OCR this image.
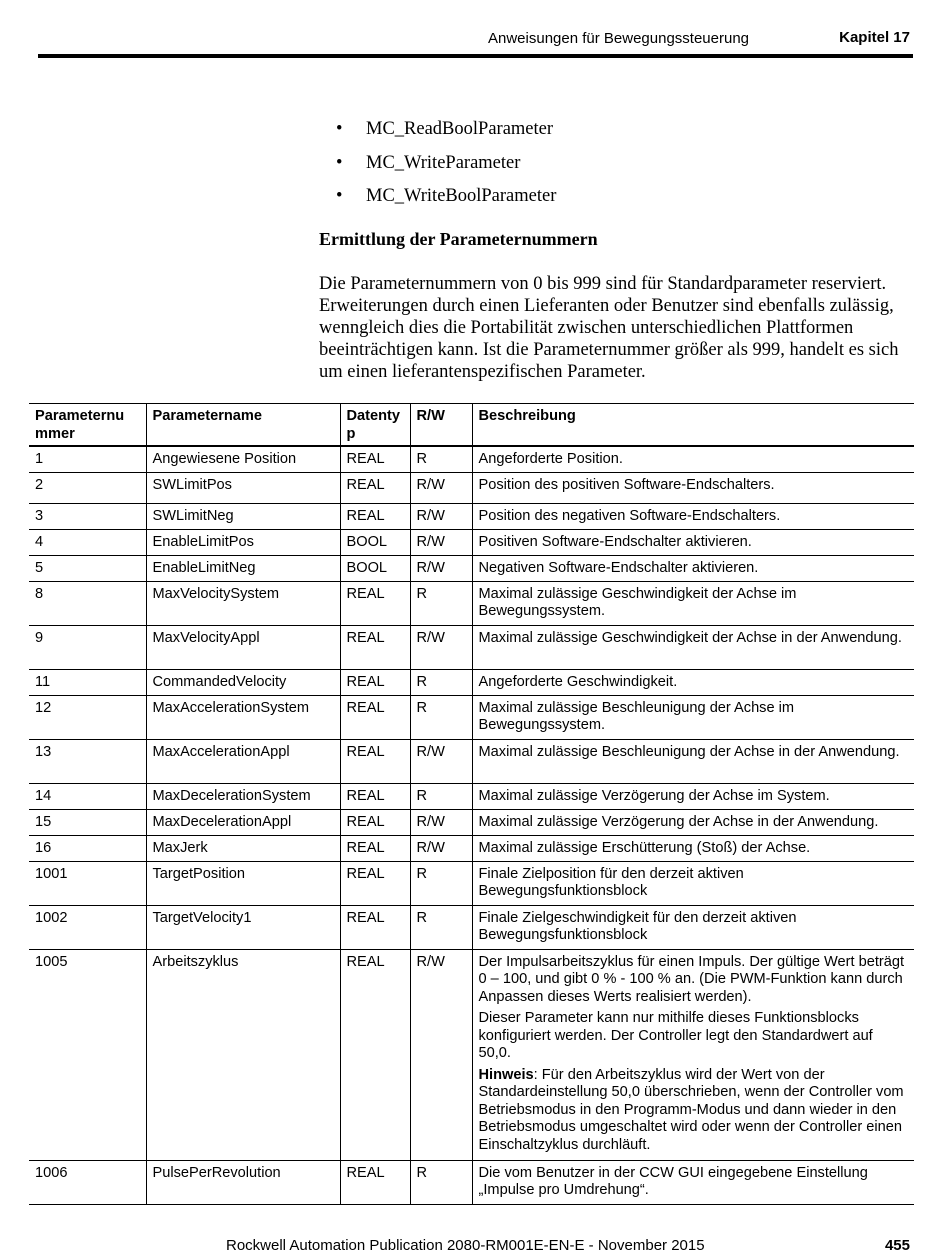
Anweisungen für Bewegungssteuerung	Kapitel 17
• MC_ReadBoolParameter
• MC_WriteParameter
• MC_WriteBoolParameter
Ermittlung der Parameternummern

Die Parameternummern von 0 bis 999 sind für Standardparameter reserviert. Erweiterungen durch einen Lieferanten oder Benutzer sind ebenfalls zulässig, wenngleich dies die Portabilität zwischen unterschiedlichen Plattformen beeinträchtigen kann. Ist die Parameternummer größer als 999, handelt es sich um einen lieferantenspezifischen Parameter.

Parameternu mmer	Parametername	Datenty p	R/W	Beschreibung
1	Angewiesene Position	REAL	R	Angeforderte Position.

2	SWLimitPos	REAL	R/W	Position des positiven Software-Endschalters.

3	SWLimitNeg	REAL	R/W	Position des negativen Software-Endschalters.

4	EnableLimitPos	BOOL	R/W	Positiven Software-Endschalter aktivieren.

5	EnableLimitNeg	BOOL	R/W	Negativen Software-Endschalter aktivieren.

8	MaxVelocitySystem	REAL	R	Maximal zulässige Geschwindigkeit der Achse im Bewegungssystem.

9	MaxVelocityAppl	REAL	R/W	Maximal zulässige Geschwindigkeit der Achse in der Anwendung.

11	CommandedVelocity	REAL	R	Angeforderte Geschwindigkeit.

12	MaxAccelerationSystem	REAL	R	Maximal zulässige Beschleunigung der Achse im Bewegungssystem.

13	MaxAccelerationAppl	REAL	R/W	Maximal zulässige Beschleunigung der Achse in der Anwendung.

14	MaxDecelerationSystem	REAL	R	Maximal zulässige Verzögerung der Achse im System.

15	MaxDecelerationAppl	REAL	R/W	Maximal zulässige Verzögerung der Achse in der Anwendung.

16	MaxJerk	REAL	R/W	Maximal zulässige Erschütterung (Stoß) der Achse.

1001	TargetPosition	REAL	R	Finale Zielposition für den derzeit aktiven Bewegungsfunktionsblock

1002	TargetVelocity1	REAL	R	Finale Zielgeschwindigkeit für den derzeit aktiven Bewegungsfunktionsblock

1005	Arbeitszyklus	REAL	R/W	Der Impulsarbeitszyklus für einen Impuls. Der gültige Wert beträgt 0 – 100, und gibt 0 % - 100 % an. (Die PWM-Funktion kann durch Anpassen dieses Werts realisiert werden).
Dieser Parameter kann nur mithilfe dieses Funktionsblocks konfiguriert werden. Der Controller legt den Standardwert auf 50,0.
Hinweis: Für den Arbeitszyklus wird der Wert von der Standardeinstellung 50,0 überschrieben, wenn der Controller vom Betriebsmodus in den Programm-Modus und dann wieder in den Betriebsmodus umgeschaltet wird oder wenn der Controller einen Einschaltzyklus durchläuft.

1006	PulsePerRevolution	REAL	R	Die vom Benutzer in der CCW GUI eingegebene Einstellung „Impulse pro Umdrehung“.
Rockwell Automation Publication 2080-RM001E-EN-E - November 2015	455
